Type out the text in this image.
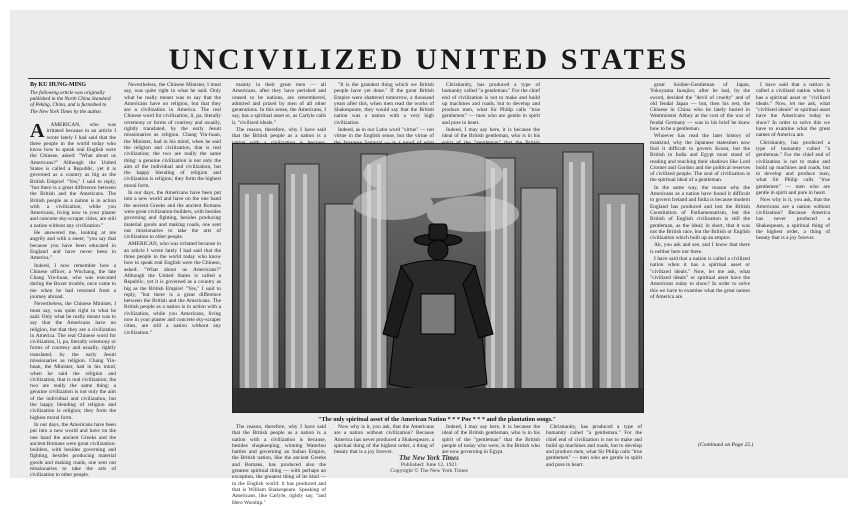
UNCIVILIZED UNITED STATES
By KU HUNG-MING
The following article was originally published in the North China Standard of Peking, China, and is furnished to The New York Times by the author.
A	AMERICAN, who was irritated because in an article I wrote lately I had said that the three people in the world today who know how to speak real English were the Chinese, asked: "What about us Americans?" Although the United States is called a Republic, yet it is governed as a country as big as the British Empire! "Yes," I said to reply, "but there is a great difference between the British and the Americans. The British people as a nation is in action with a civilization, while you Americans, living now in your plaster and concrete sky-scraper cities, are still a nation without any civilization."

He answered me, looking at me angrily and with a sneer, "you say that because you have been educated in England and have never been in America."

Indeed, I now remember how a Chinese officer, a Wuchang, the late Chang Yin-huan, who was executed during the Boxer trouble, once came to me when he had returned from a journey abroad.

Nevertheless, the Chinese Minister, I must say, was quite right in what he said. Only what he really meant was to say that the Americans have no religion, but that they are a civilization in America. The real Chinese word for civilization, li, pa, literally ceremony or forms of courtesy and usually, rightly translated, by the early Jesuit missionaries as religion. Chang Yin-huan, the Minister, had in his mind, when he said the religion and civilization, that is real civilization; the two are really the same thing: a genuine civilization is not only the aim of the individual and civilization, but the happy blending of religion and civilization is religion; they form the highest moral form.

In our days, the Americans have been put into a new world and have on the one hand the ancient Greeks and the ancient Romans were great civilization-builders, with besides governing and fighting, besides producing material goods and making roads, one sent out missionaries to take the arts of civilization to other people.

Nevertheless, the Chinese Minister, I must say, was quite right in what he said. Only what he really meant was to say that the Americans have no religion, but that they are a civilization in America. The real Chinese word for civilization, li, pa, literally ceremony or forms of courtesy and usually, rightly translated, by the early Jesuit missionaries as religion. Chang Yin-huan, the Minister, had in his mind, when he said the religion and civilization, that is real civilization; the two are really the same thing: a genuine civilization is not only the aim of the individual and civilization, but the happy blending of religion and civilization is religion; they form the highest moral form.

In our days, the Americans have been put into a new world and have on the one hand the ancient Greeks and the ancient Romans were great civilization-builders, with besides governing and fighting, besides producing material goods and making roads, one sent out missionaries to take the arts of civilization to other people.

AMERICAN, who was irritated because in an article I wrote lately I had said that the three people in the world today who know how to speak real English were the Chinese, asked: "What about us Americans?" Although the United States is called a Republic, yet it is governed as a country as big as the British Empire! "Yes," I said to reply, "but there is a great difference between the British and the Americans. The British people as a nation is in action with a civilization, while you Americans, living now in your plaster and concrete sky-scraper cities, are still a nation without any civilization."

manity in their great men — all Americans, after they have perished and ceased to be nations, are remembered, admired and prized by men of all other generations. In this sense, the Americans, I say, has a spiritual asset or, as Carlyle calls it, "civilized ideals."

The reason, therefore, why I have said that the British people as a nation is a

"It is the grandest thing which we British people have yet done." If the great British Empire were shattered tomorrow, a thousand years after this, when men read the works of Shakespeare, they would say that the British nation was a nation with a very high civilization.

Indeed, as in our Latin word "virtue" — not virtue in the English sense, but the virtue of

Christianity, has produced a type of humanity called "a gentleman." For the chief end of civilization is not to make and build up machines and roads, but to develop and produce men, what Sir Philip calls "true gentlemen" — men who are gentle in spirit and pure in heart.

Indeed, I may say here, it is because the ideal of the British gentleman, who is in his

great Soldier-Gentleman of Japan, Yokoyama Inaujiro, after he had, by the sword, decided the "devil of cruelty" and of old feudal Japan — but, then his rest, the Chinese in China who he lately buried in Westminster Abbey at the cost of the war of feudal Germany — was in his brief he knew how to be a gentleman.

Whoever has read the later history of mankind, why the Japanese statesmen now find it difficult to govern Korea, but the British in India and Egypt must stand of reading and touching their shadows like Lord Cromer and Gordon and the political reserves of civilized people. The soul of civilization is the spiritual ideal of a gentleman.

In the same way, the reason why the Americans as a nation have found it difficult to govern Ireland and India is because modern England has produced and lost the British Constitution of Parliamentarism, but the British of English civilization is still the gentleman, as the ideal; in short, that it was not the British race, but the British or English civilization which built up an empire.

Ah, you ask and see, and I know that there is neither here nor there.

I have said that a nation is called a civilized nation when it has a spiritual asset or "civilized ideals." Now, let me ask, what "civilized ideals" or spiritual asset have the Americans today to show? In order to solve this we have to examine what the great names of America are.

I have said that a nation is called a civilized nation when it has a spiritual asset or "civilized ideals." Now, let me ask, what "civilized ideals" or spiritual asset have the Americans today to show? In order to solve this we have to examine what the great names of America are.

Christianity, has produced a type of humanity called "a gentleman." For the chief end of civilization is not to make and build up machines and roads, but to develop and produce men, what Sir Philip calls "true gentlemen" — men who are gentle in spirit and pure in heart.

Now why is it, you ask, that the Americans are a nation without civilization? Because America has never produced a Shakespeare, a spiritual thing of the highest order, a thing of beauty that is a joy forever.

"The only spiritual asset of the American Nation * * * Poe * * * and the plantation songs."

The reason, therefore, why I have said that the British people as a nation is a nation with a civilization is because, besides shopkeeping, winning Waterloo battles and governing an Indian Empire, the British nation, like the ancient Greeks and Romans, has produced also the greatest spiritual thing — with perhaps an exception, the greatest thing of its kind — in the English world: it has produced and that is William Shakespeare. Speaking of Americans, like Carlyle, rightly say, "and Hero Worship."

Now why is it, you ask, that the Americans are a nation without civilization? Because America has never produced a Shakespeare, a spiritual thing of the highest order, a thing of beauty that is a joy forever.

Indeed, I may say here, it is because the ideal of the British gentleman, who is in his spirit of the "gentleman" that the British people of today who were, is the British who are now governing in Egypt.

Christianity, has produced a type of humanity called "a gentleman." For the chief end of civilization is not to make and build up machines and roads, but to develop and produce men, what Sir Philip calls "true gentlemen" — men who are gentle in spirit and pure in heart.

(Continued on Page 25.)
The New York Times
Published: June 12, 1921
Copyright © The New York Times
